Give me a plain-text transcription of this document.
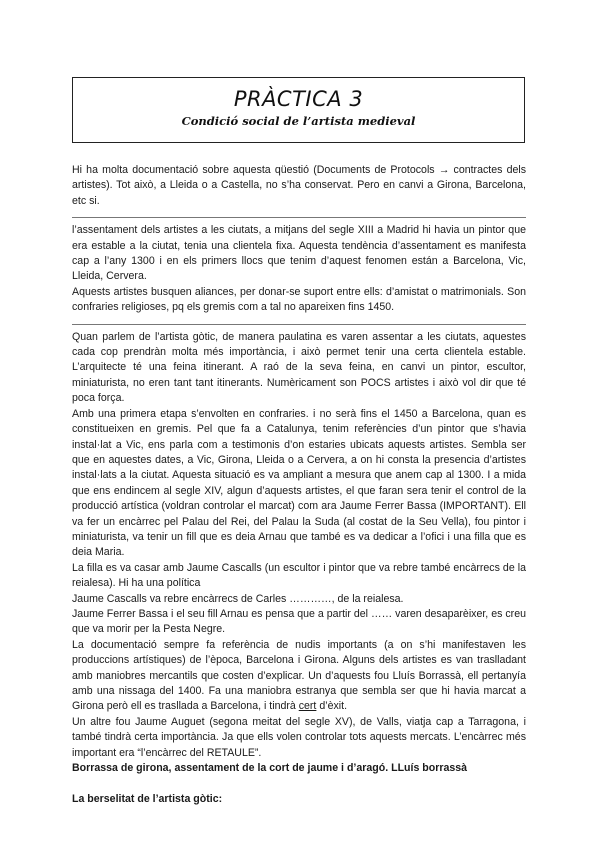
PRÀCTICA 3
Condició social de l’artista medieval

Hi ha molta documentació sobre aquesta qüestió (Documents de Protocols → contractes dels artistes). Tot això, a Lleida o a Castella, no s’ha conservat. Pero en canvi a Girona, Barcelona, etc si.

l’assentament dels artistes a les ciutats, a mitjans del segle XIII a Madrid hi havia un pintor que era estable a la ciutat, tenia una clientela fixa. Aquesta tendència d’assentament es manifesta cap a l’any 1300 i en els primers llocs que tenim d’aquest fenomen están a Barcelona, Vic, Lleida, Cervera.

Aquests artistes busquen aliances, per donar-se suport entre ells: d’amistat o matrimonials. Son confraries religioses, pq els gremis com a tal no apareixen fins 1450.

Quan parlem de l’artista gòtic, de manera paulatina es varen assentar a les ciutats, aquestes cada cop prendràn molta més importància, i això permet tenir una certa clientela estable. L’arquitecte té una feina itinerant. A raó de la seva feina, en canvi un pintor, escultor, miniaturista, no eren tant tant itinerants. Numèricament son POCS artistes i això vol dir que té poca força.

Amb una primera etapa s’envolten en confraries. i no serà fins el 1450 a Barcelona, quan es constitueixen en gremis. Pel que fa a Catalunya, tenim referències d’un pintor que s’havia instal·lat a Vic, ens parla com a testimonis d’on estaries ubicats aquests artistes. Sembla ser que en aquestes dates, a Vic, Girona, Lleida o a Cervera, a on hi consta la presencia d’artistes instal·lats a la ciutat. Aquesta situació es va ampliant a mesura que anem cap al 1300. I a mida que ens endincem al segle XIV, algun d’aquests artistes, el que faran sera tenir el control de la producció artística (voldran controlar el marcat) com ara Jaume Ferrer Bassa (IMPORTANT). Ell va fer un encàrrec pel Palau del Rei, del Palau la Suda (al costat de la Seu Vella), fou pintor i miniaturista, va tenir un fill que es deia Arnau que també es va dedicar a l’ofici i una filla que es deia Maria.

La filla es va casar amb Jaume Cascalls (un escultor i pintor que va rebre també encàrrecs de la reialesa). Hi ha una política

Jaume Cascalls va rebre encàrrecs de Carles …………, de la reialesa.

Jaume Ferrer Bassa i el seu fill Arnau es pensa que a partir del …… varen desaparèixer, es creu que va morir per la Pesta Negre.

La documentació sempre fa referència de nudis importants (a on s’hi manifestaven les produccions artístiques) de l’època, Barcelona i Girona. Alguns dels artistes es van traslladant amb maniobres mercantils que costen d’explicar. Un d’aquests fou Lluís Borrassà, ell pertanyía amb una nissaga del 1400. Fa una maniobra estranya que sembla ser que hi havia marcat a Girona però ell es trasllada a Barcelona, i tindrà cert d’èxit.

Un altre fou Jaume Auguet (segona meitat del segle XV), de Valls, viatja cap a Tarragona, i també tindrà certa importància. Ja que ells volen controlar tots aquests mercats. L’encàrrec més important era “l’encàrrec del RETAULE”.

Borrassa de girona, assentament de la cort de jaume i d’aragó. LLuís borrassà

La berselitat de l’artista gòtic:
